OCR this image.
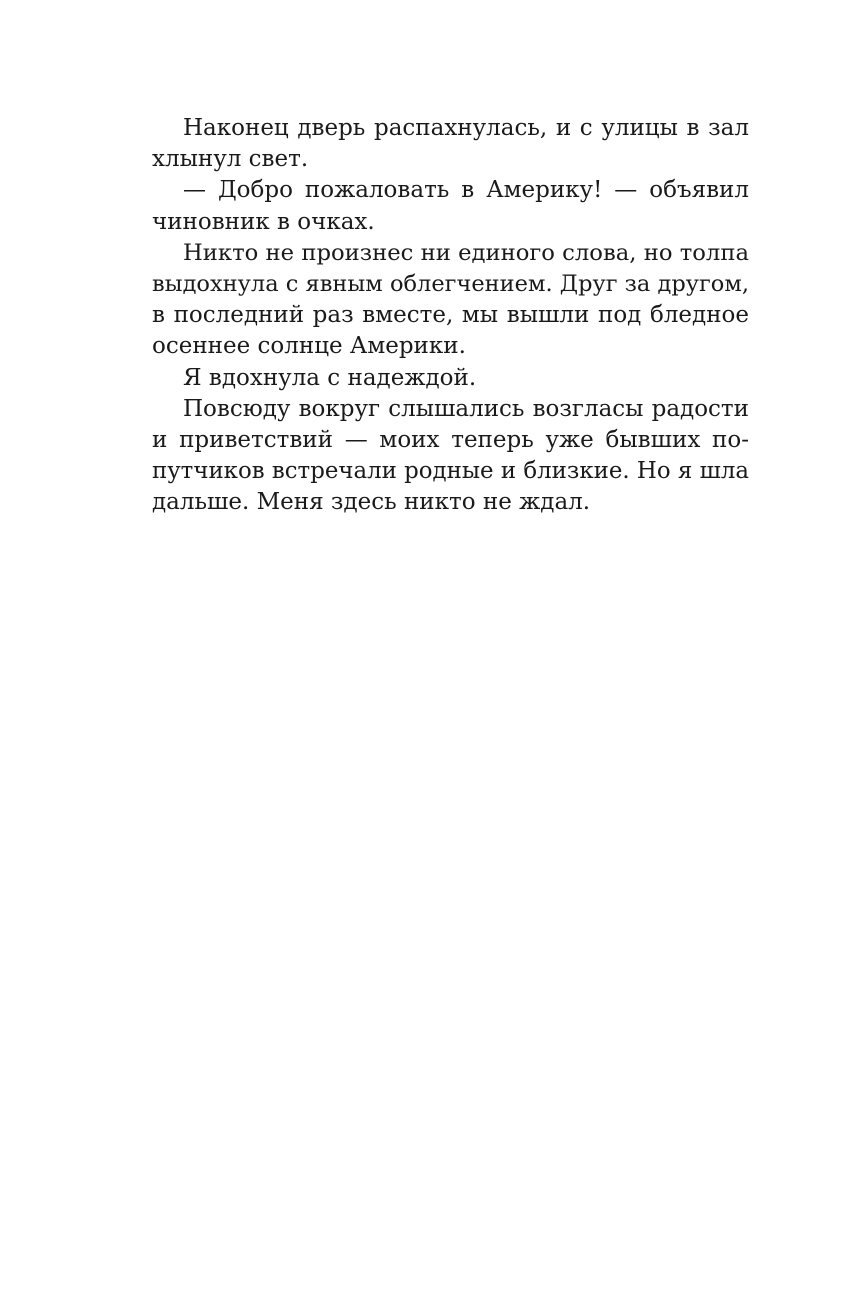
Наконец дверь распахнулась, и с улицы в зал
хлынул свет.
— Добро пожаловать в Америку! — объявил
чиновник в очках.
Никто не произнес ни единого слова, но толпа
выдохнула с явным облегчением. Друг за другом,
в последний раз вместе, мы вышли под бледное
осеннее солнце Америки.
Я вдохнула с надеждой.
Повсюду вокруг слышались возгласы радости
и приветствий — моих теперь уже бывших по-
путчиков встречали родные и близкие. Но я шла
дальше. Меня здесь никто не ждал.
